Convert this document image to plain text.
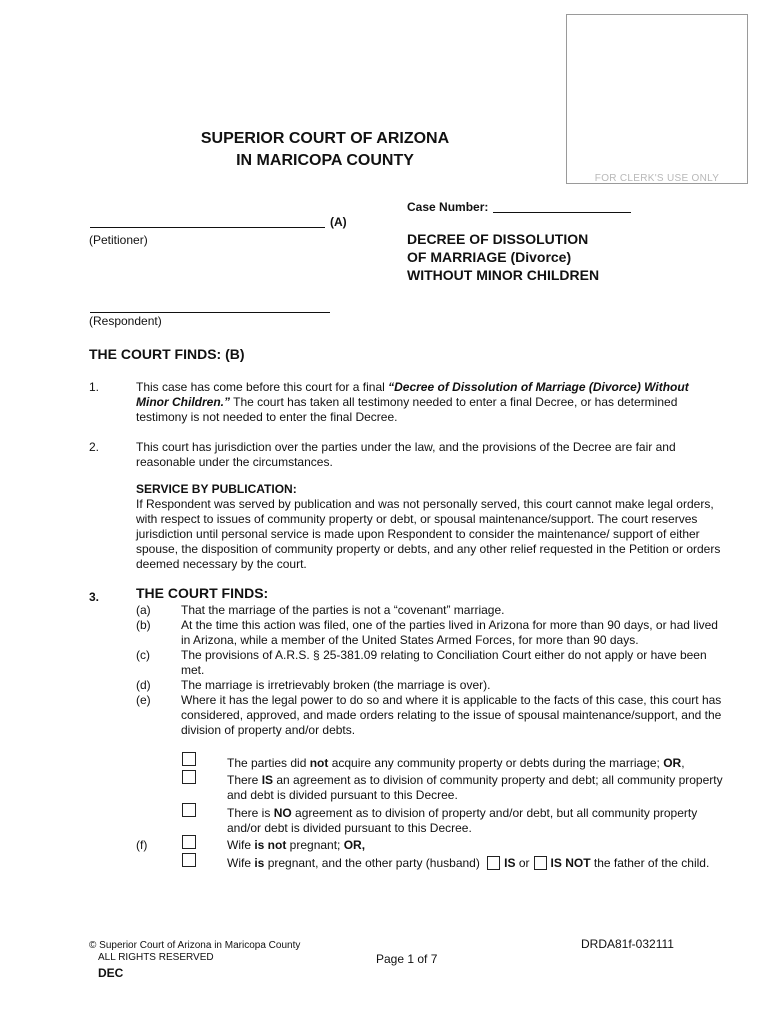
FOR CLERK'S USE ONLY
SUPERIOR COURT OF ARIZONA
IN MARICOPA COUNTY
Case Number:
(A)
(Petitioner)	DECREE OF DISSOLUTION
OF MARRIAGE (Divorce)
WITHOUT MINOR CHILDREN
(Respondent)
THE COURT FINDS: (B)
1.	This case has come before this court for a final “Decree of Dissolution of Marriage (Divorce) Without Minor Children.” The court has taken all testimony needed to enter a final Decree, or has determined testimony is not needed to enter the final Decree.
2.	This court has jurisdiction over the parties under the law, and the provisions of the Decree are fair and reasonable under the circumstances.
SERVICE BY PUBLICATION:
If Respondent was served by publication and was not personally served, this court cannot make legal orders, with respect to issues of community property or debt, or spousal maintenance/support. The court reserves jurisdiction until personal service is made upon Respondent to consider the maintenance/ support of either spouse, the disposition of community property or debts, and any other relief requested in the Petition or orders deemed necessary by the court.
3.	THE COURT FINDS:
(a)	That the marriage of the parties is not a “covenant” marriage.
(b)	At the time this action was filed, one of the parties lived in Arizona for more than 90 days, or had lived in Arizona, while a member of the United States Armed Forces, for more than 90 days.
(c)	The provisions of A.R.S. § 25-381.09 relating to Conciliation Court either do not apply or have been met.
(d)	The marriage is irretrievably broken (the marriage is over).
(e)	Where it has the legal power to do so and where it is applicable to the facts of this case, this court has considered, approved, and made orders relating to the issue of spousal maintenance/support, and the division of property and/or debts.
The parties did not acquire any community property or debts during the marriage; OR,
There IS an agreement as to division of community property and debt; all community property and debt is divided pursuant to this Decree.
There is NO agreement as to division of property and/or debt, but all community property and/or debt is divided pursuant to this Decree.
(f)	Wife is not pregnant; OR,
Wife is pregnant, and the other party (husband) IS or IS NOT the father of the child.
© Superior Court of Arizona in Maricopa County
ALL RIGHTS RESERVED
DEC
Page 1 of 7
DRDA81f-032111
